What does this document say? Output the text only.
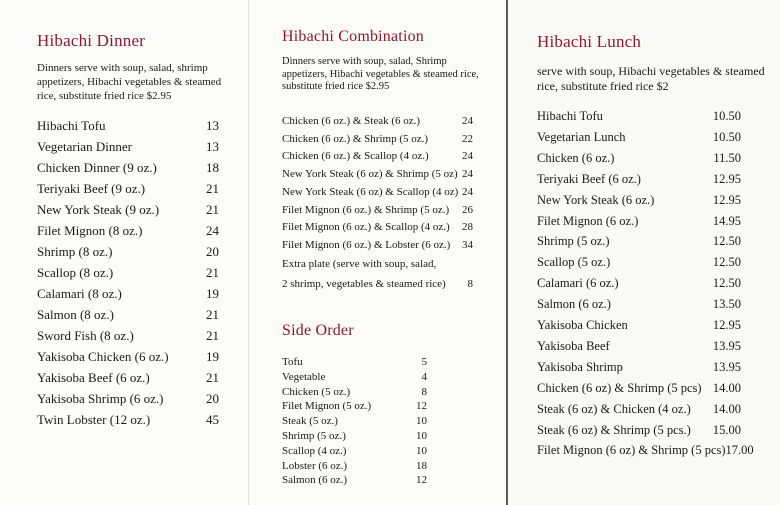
Hibachi Dinner
Dinners serve with soup, salad, shrimp appetizers, Hibachi vegetables & steamed rice, substitute fried rice $2.95
Hibachi Tofu	13
Vegetarian Dinner	13
Chicken Dinner (9 oz.)	18
Teriyaki Beef (9 oz.)	21
New York Steak (9 oz.)	21
Filet Mignon (8 oz.)	24
Shrimp (8 oz.)	20
Scallop (8 oz.)	21
Calamari (8 oz.)	19
Salmon (8 oz.)	21
Sword Fish (8 oz.)	21
Yakisoba Chicken (6 oz.)	19
Yakisoba Beef (6 oz.)	21
Yakisoba Shrimp (6 oz.)	20
Twin Lobster (12 oz.)	45
Hibachi Combination
Dinners serve with soup, salad, Shrimp appetizers, Hibachi vegetables & steamed rice, substitute fried rice $2.95
Chicken (6 oz.) & Steak (6 oz.)	24
Chicken (6 oz.) & Shrimp (5 oz.)	22
Chicken (6 oz.) & Scallop (4 oz.)	24
New York Steak (6 oz) & Shrimp (5 oz) 24
New York Steak (6 oz) & Scallop (4 oz) 24
Filet Mignon (6 oz.) & Shrimp (5 oz.) 26
Filet Mignon (6 oz.) & Scallop (4 oz.) 28
Filet Mignon (6 oz.) & Lobster (6 oz.) 34
Extra plate (serve with soup, salad,
2 shrimp, vegetables & steamed rice) 8
Side Order
Tofu	5
Vegetable	4
Chicken (5 oz.)	8
Filet Mignon (5 oz.)	12
Steak (5 oz.)	10
Shrimp (5 oz.)	10
Scallop (4 oz.)	10
Lobster (6 oz.)	18
Salmon (6 oz.)	12
Hibachi Lunch
serve with soup, Hibachi vegetables & steamed rice, substitute fried rice $2
Hibachi Tofu	10.50
Vegetarian Lunch	10.50
Chicken (6 oz.)	11.50
Teriyaki Beef (6 oz.)	12.95
New York Steak (6 oz.)	12.95
Filet Mignon (6 oz.)	14.95
Shrimp (5 oz.)	12.50
Scallop (5 oz.)	12.50
Calamari (6 oz.)	12.50
Salmon (6 oz.)	13.50
Yakisoba Chicken	12.95
Yakisoba Beef	13.95
Yakisoba Shrimp	13.95
Chicken (6 oz) & Shrimp (5 pcs) 14.00
Steak (6 oz) & Chicken (4 oz.) 14.00
Steak (6 oz) & Shrimp (5 pcs.) 15.00
Filet Mignon (6 oz) & Shrimp (5 pcs) 17.00
